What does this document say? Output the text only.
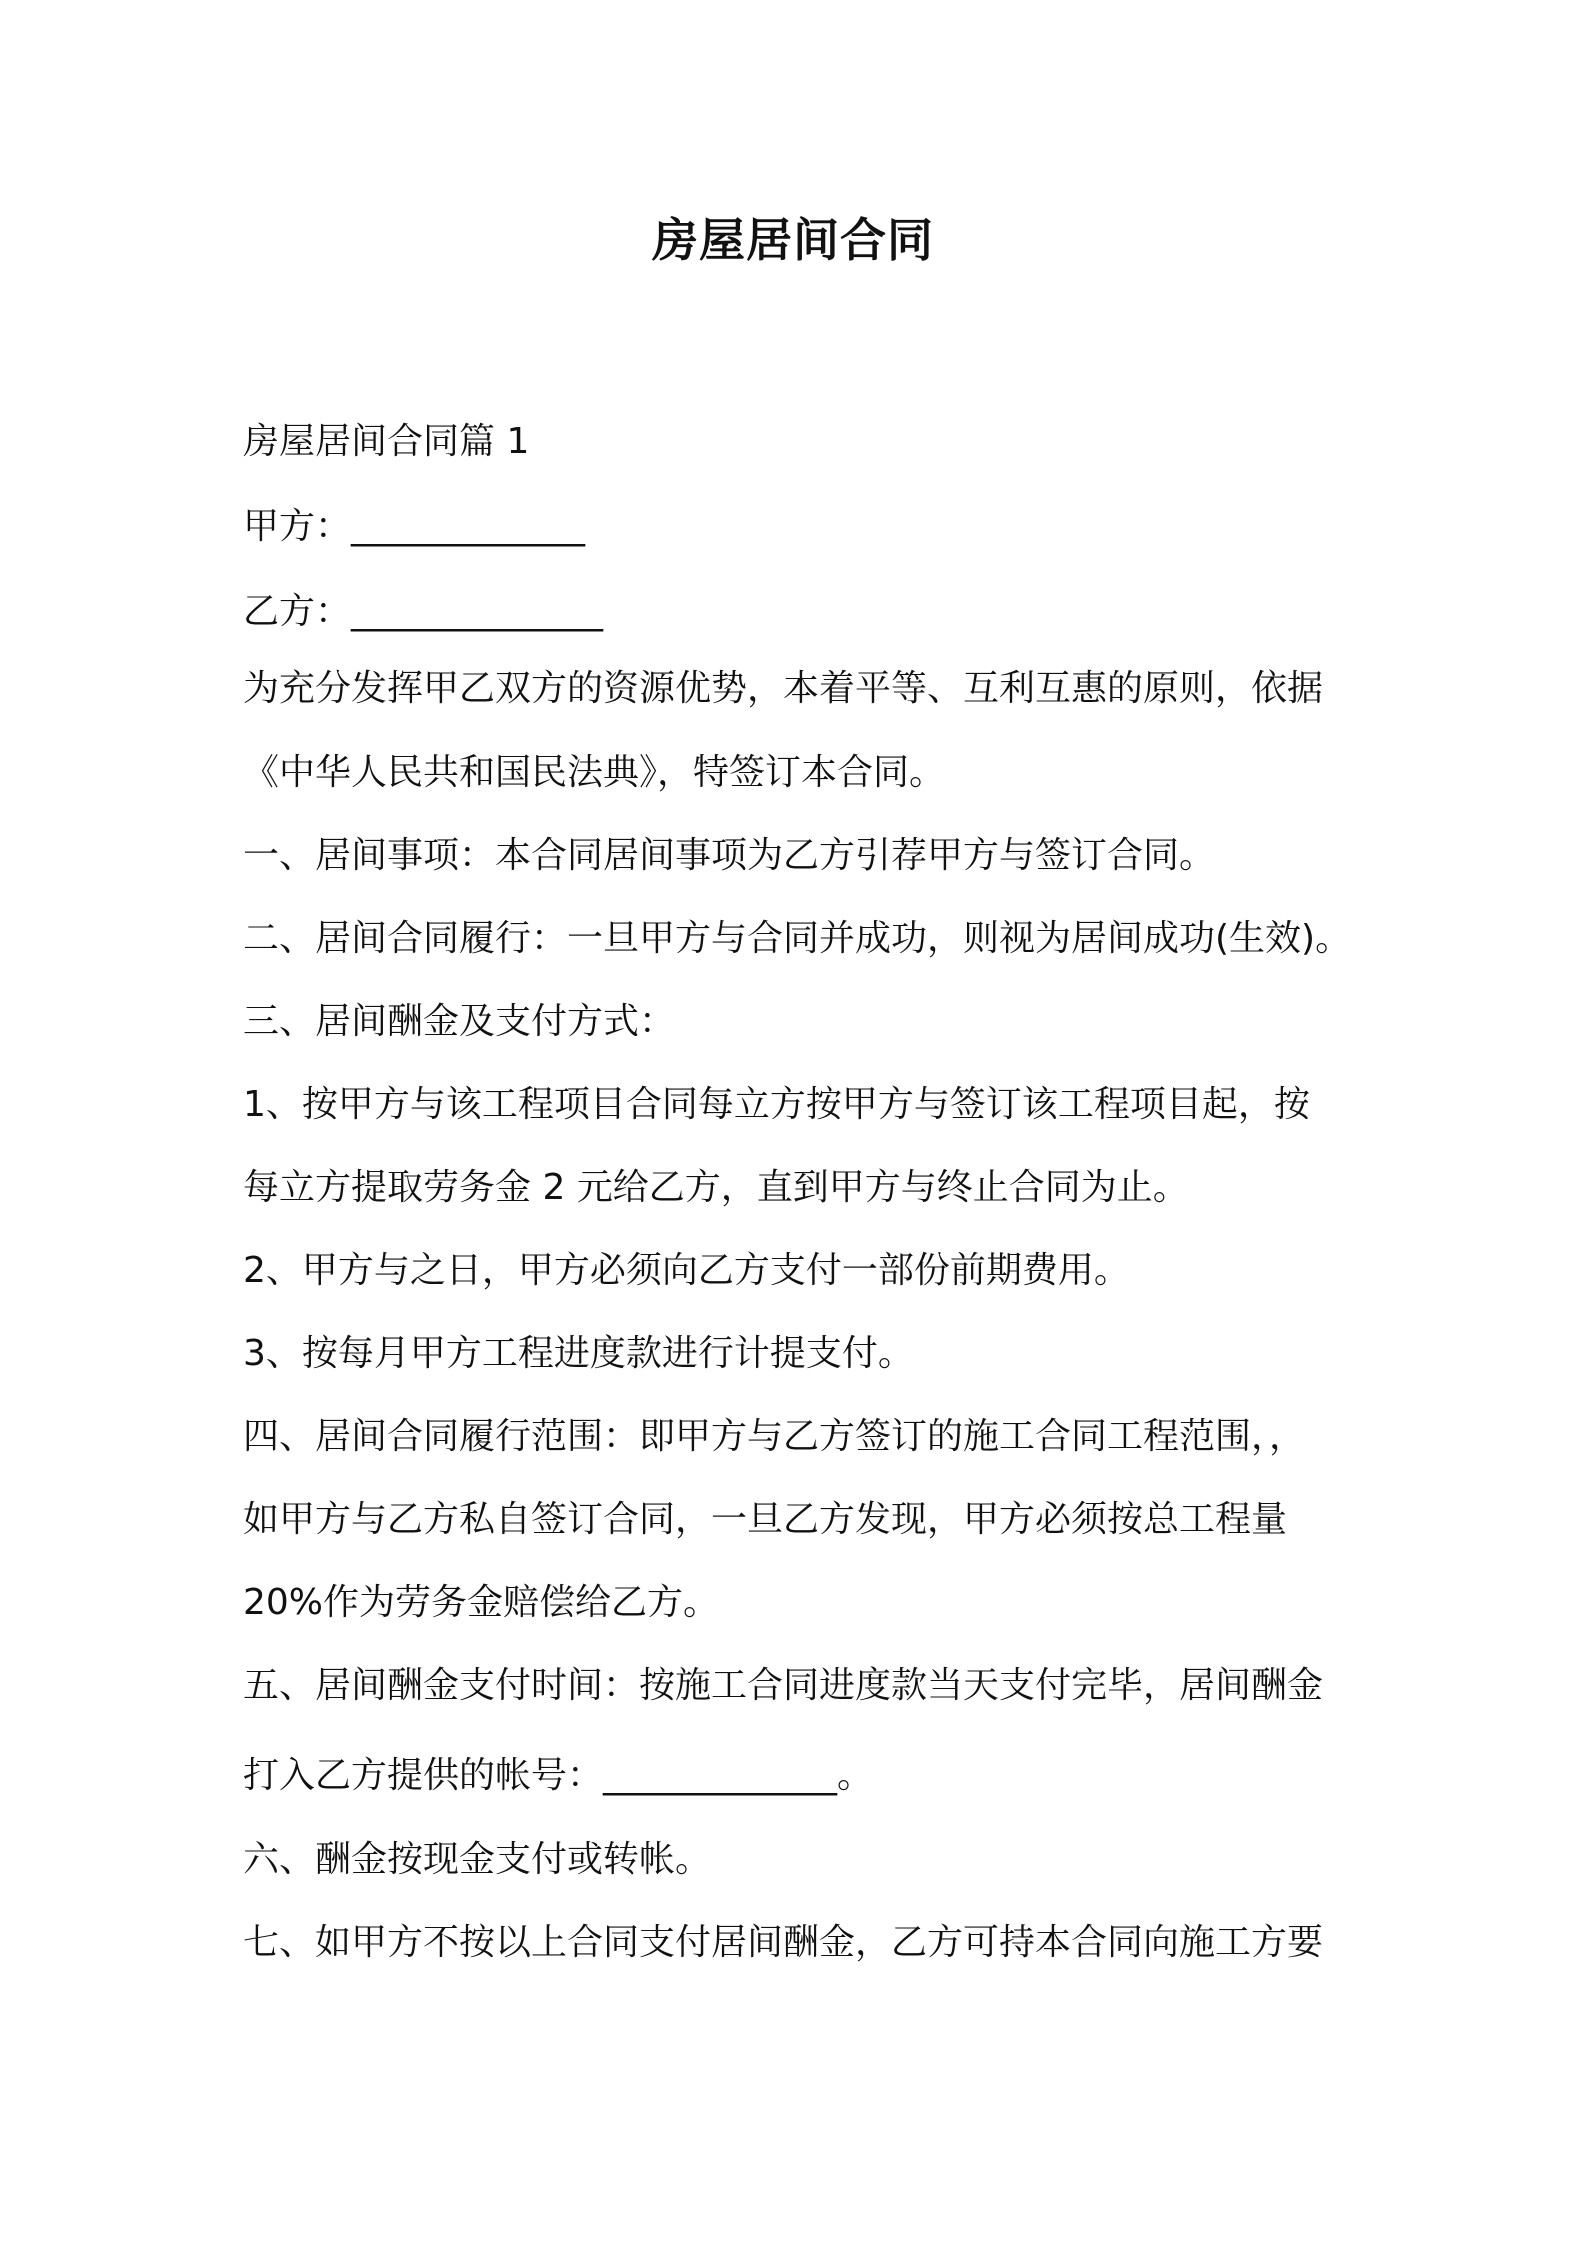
房屋居间合同
房屋居间合同篇 1
甲方：_____________
乙方：______________
为充分发挥甲乙双方的资源优势，本着平等、互利互惠的原则，依据
《中华人民共和国民法典》，特签订本合同。
一、居间事项：本合同居间事项为乙方引荐甲方与签订合同。
二、居间合同履行：一旦甲方与合同并成功，则视为居间成功(生效)。
三、居间酬金及支付方式：
1、按甲方与该工程项目合同每立方按甲方与签订该工程项目起，按
每立方提取劳务金 2 元给乙方，直到甲方与终止合同为止。
2、甲方与之日，甲方必须向乙方支付一部份前期费用。
3、按每月甲方工程进度款进行计提支付。
四、居间合同履行范围：即甲方与乙方签订的施工合同工程范围，，
如甲方与乙方私自签订合同，一旦乙方发现，甲方必须按总工程量
20%作为劳务金赔偿给乙方。
五、居间酬金支付时间：按施工合同进度款当天支付完毕，居间酬金
打入乙方提供的帐号：_____________。
六、酬金按现金支付或转帐。
七、如甲方不按以上合同支付居间酬金，乙方可持本合同向施工方要
